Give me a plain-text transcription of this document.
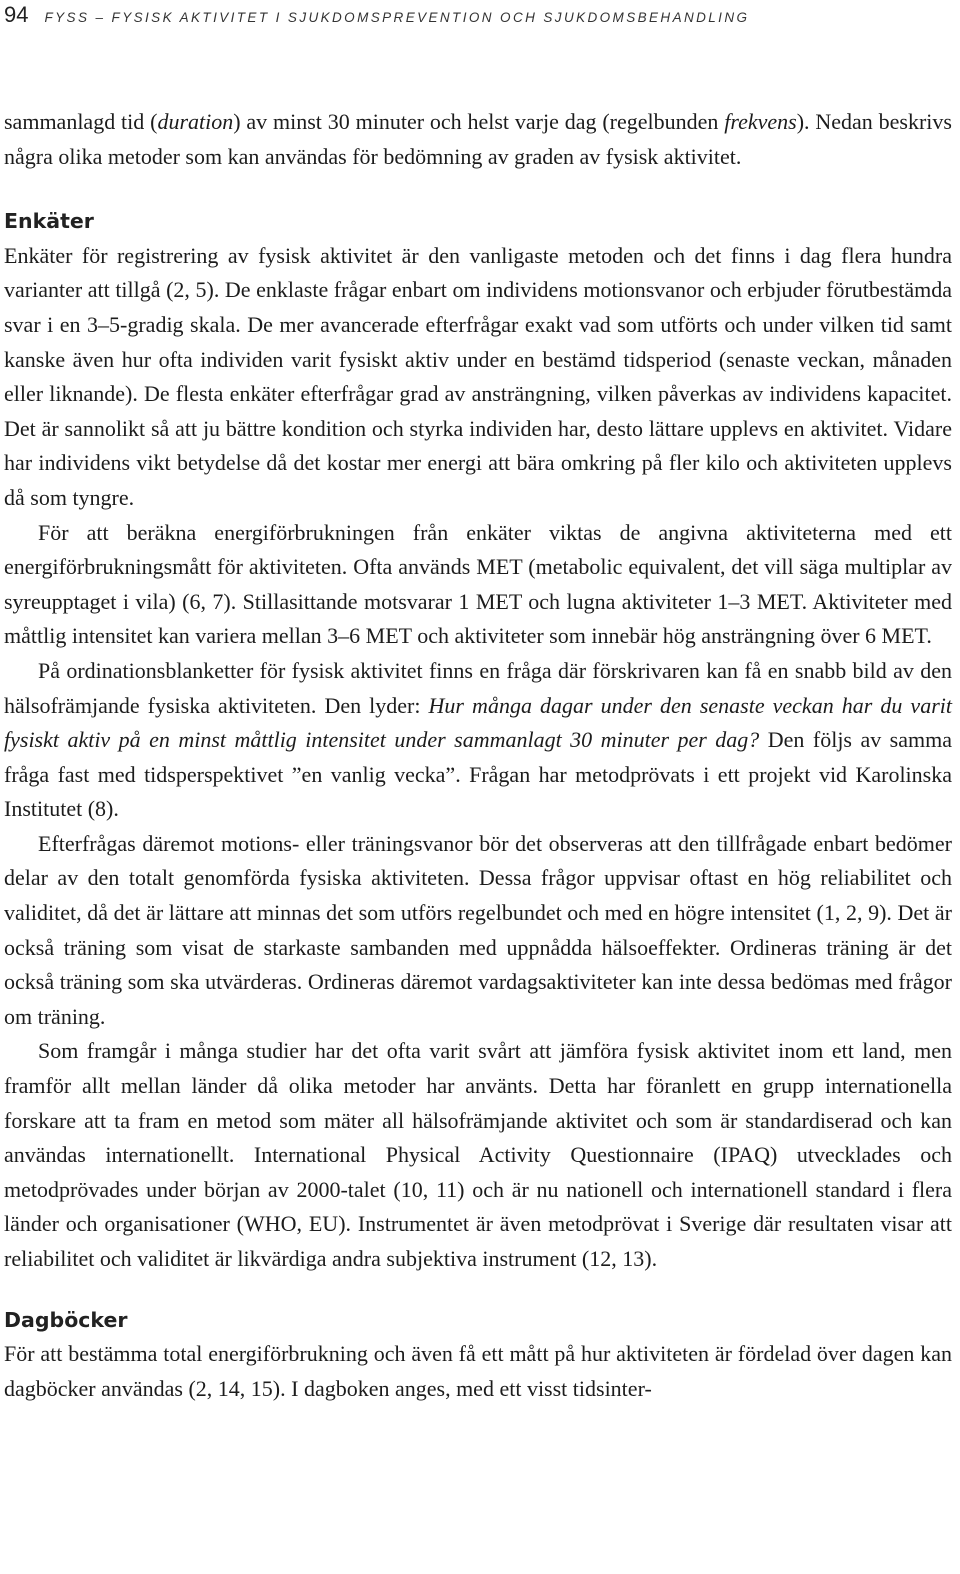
94 FYSS – FYSISK AKTIVITET I SJUKDOMSPREVENTION OCH SJUKDOMSBEHANDLING

sammanlagd tid (duration) av minst 30 minuter och helst varje dag (regelbunden frekvens). Nedan beskrivs några olika metoder som kan användas för bedömning av graden av fysisk aktivitet.

Enkäter

Enkäter för registrering av fysisk aktivitet är den vanligaste metoden och det finns i dag flera hundra varianter att tillgå (2, 5). De enklaste frågar enbart om individens motionsvanor och erbjuder förutbestämda svar i en 3–5-gradig skala. De mer avancerade efterfrågar exakt vad som utförts och under vilken tid samt kanske även hur ofta individen varit fysiskt aktiv under en bestämd tidsperiod (senaste veckan, månaden eller liknande). De flesta enkäter efterfrågar grad av ansträngning, vilken påverkas av individens kapacitet. Det är sannolikt så att ju bättre kondition och styrka individen har, desto lättare upplevs en aktivitet. Vidare har individens vikt betydelse då det kostar mer energi att bära omkring på fler kilo och aktiviteten upplevs då som tyngre.

För att beräkna energiförbrukningen från enkäter viktas de angivna aktiviteterna med ett energiförbrukningsmått för aktiviteten. Ofta används MET (metabolic equivalent, det vill säga multiplar av syreupptaget i vila) (6, 7). Stillasittande motsvarar 1 MET och lugna aktiviteter 1–3 MET. Aktiviteter med måttlig intensitet kan variera mellan 3–6 MET och aktiviteter som innebär hög ansträngning över 6 MET.

På ordinationsblanketter för fysisk aktivitet finns en fråga där förskrivaren kan få en snabb bild av den hälsofrämjande fysiska aktiviteten. Den lyder: Hur många dagar under den senaste veckan har du varit fysiskt aktiv på en minst måttlig intensitet under sammanlagt 30 minuter per dag? Den följs av samma fråga fast med tidsperspektivet ”en vanlig vecka”. Frågan har metodprövats i ett projekt vid Karolinska Institutet (8).

Efterfrågas däremot motions- eller träningsvanor bör det observeras att den tillfrågade enbart bedömer delar av den totalt genomförda fysiska aktiviteten. Dessa frågor uppvisar oftast en hög reliabilitet och validitet, då det är lättare att minnas det som utförs regelbundet och med en högre intensitet (1, 2, 9). Det är också träning som visat de starkaste sambanden med uppnådda hälsoeffekter. Ordineras träning är det också träning som ska utvärderas. Ordineras däremot vardagsaktiviteter kan inte dessa bedömas med frågor om träning.

Som framgår i många studier har det ofta varit svårt att jämföra fysisk aktivitet inom ett land, men framför allt mellan länder då olika metoder har använts. Detta har föranlett en grupp internationella forskare att ta fram en metod som mäter all hälsofrämjande aktivitet och som är standardiserad och kan användas internationellt. International Physical Activity Questionnaire (IPAQ) utvecklades och metodprövades under början av 2000-talet (10, 11) och är nu nationell och internationell standard i flera länder och organisationer (WHO, EU). Instrumentet är även metodprövat i Sverige där resultaten visar att reliabilitet och validitet är likvärdiga andra subjektiva instrument (12, 13).

Dagböcker

För att bestämma total energiförbrukning och även få ett mått på hur aktiviteten är fördelad över dagen kan dagböcker användas (2, 14, 15). I dagboken anges, med ett visst tidsinter-
